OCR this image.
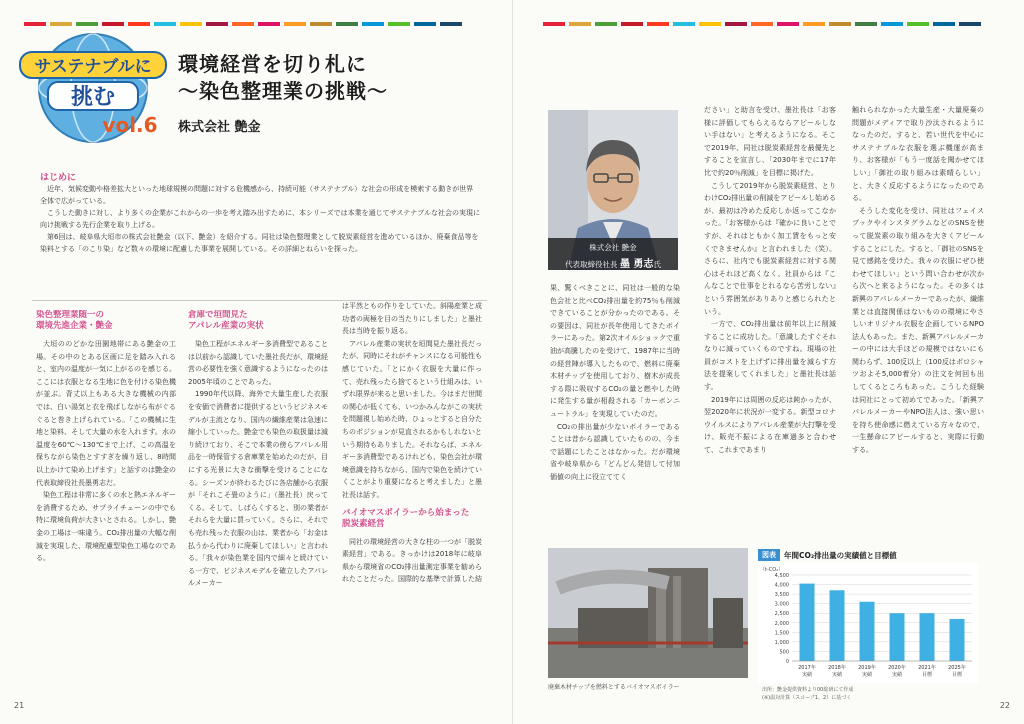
サステナブルに
挑む
vol.6
環境経営を切り札に
～染色整理業の挑戦～
株式会社 艶金
はじめに

近年、気候変動や格差拡大といった地球規模の問題に対する危機感から、持続可能（サステナブル）な社会の形成を模索する動きが世界全体で広がっている。

こうした動きに対し、より多くの企業がこれからの一歩を考え踏み出すために、本シリーズでは本業を通じてサステナブルな社会の実現に向け挑戦する先行企業を取り上げる。

第6回は、岐阜県大垣市の株式会社艶金（以下、艶金）を紹介する。同社は染色整理業として脱炭素経営を進めているほか、廃棄食品等を染料とする「のこり染」など数々の環境に配慮した事業を展開している。その詳細とねらいを探った。

染色整理業随一の
環境先進企業・艶金

大垣ののどかな田園地帯にある艶金の工場。その中のとある区画に足を踏み入れると、室内の温度が一気に上がるのを感じる。ここには衣服となる生地に色を付ける染色機が並ぶ。背丈以上もある大きな機械の内部では、白い湯気と衣を飛ばしながら布がぐるぐると巻き上げられている。「この機械に生地と染料、そして大量の水を入れます。水の温度を60℃～130℃まで上げ、この高温を保ちながら染色とすすぎを繰り返し、8時間以上かけて染め上げます」と話すのは艶金の代表取締役社長墨勇志だ。

染色工程は非常に多くの水と熱エネルギーを消費するため、サプライチェーンの中でも特に環境負荷が大きいとされる。しかし、艶金の工場は一味違う。CO₂排出量の大幅な削減を実現した、環境配慮型染色工場なのである。

倉庫で垣間見た
アパレル産業の実状

染色工程がエネルギー多消費型であることは以前から認識していた墨社長だが、環境経営の必要性を強く意識するようになったのは2005年頃のことであった。

1990年代以降、海外で大量生産した衣服を安価で消費者に提供するというビジネスモデルが主流となり、国内の繊維産業は急速に縮小していった。艶金でも染色の取扱量は減り続けており、そこで本業の傍らアパレル用品を一時保管する倉庫業を始めたのだが、目にする光景に大きな衝撃を受けることになる。シーズンが終わるたびに各店舗から衣服が「それこそ畳のように」（墨社長）戻ってくる。そして、しばらくすると、別の業者がそれらを大量に買っていく。さらに、それでも売れ残った衣服の山は、業者から「お金は払うから代わりに廃棄してほしい」と言われる。「我々が染色業を国内で細々と続けている一方で、ビジネスモデルを確立したアパレルメーカー

は平然ともの作りをしていた。斜陽産業と成功者の両極を目の当たりにしました」と墨社長は当時を振り返る。

アパレル産業の実状を垣間見た墨社長だったが、同時にそれがチャンスになる可能性も感じていた。「とにかく衣服を大量に作って、売れ残ったら捨てるという仕組みは、いずれ限界が来ると思いました。今はまだ世間の関心が低くても、いつかみんながこの実状を問題視し始めた時、ひょっとすると自分たちのポジションが見直されるかもしれないという期待もありました。それならば、エネルギー多消費型であるけれども、染色会社が環境意識を持ちながら、国内で染色を続けていくことがより重要になると考えました」と墨社長は話す。

バイオマスボイラーから始まった
脱炭素経営

同社の環境経営の大きな柱の一つが「脱炭素経営」である。きっかけは2018年に岐阜県から環境省のCO₂排出量測定事業を勧められたことだった。国際的な基準で計算した結

21	22
株式会社 艶金
代表取締役社長 墨 勇志氏

果、驚くべきことに、同社は一般的な染色会社と比べCO₂排出量を約75％も削減できていることが分かったのである。その要因は、同社が長年使用してきたボイラーにあった。第2次オイルショックで重油が高騰したのを受けて、1987年に当時の経営陣が導入したもので、燃料に廃棄木材チップを使用しており、樹木が成長する際に吸収するCO₂の量と燃やした時に発生する量が相殺される「カーボンニュートラル」を実現していたのだ。

CO₂の排出量が少ないボイラーであることは昔から認識していたものの、今まで話題にしたことはなかった。だが環境省や岐阜県から「どんどん発信して付加価値の向上に役立ててく

ださい」と助言を受け、墨社長は「お客様に評価してもらえるならアピールしない手はない」と考えるようになる。そこで2019年、同社は脱炭素経営を最優先とすることを宣言し、「2030年までに17年比で約20％削減」を目標に掲げた。

こうして2019年から脱炭素経営、とりわけCO₂排出量の削減をアピールし始めるが、最初は冷めた反応しか返ってこなかった。「お客様からは『確かに良いことですが、それはともかく加工賃をもっと安くできませんか』と言われました（笑）。さらに、社内でも脱炭素経営に対する関心はそれほど高くなく、社員からは『こんなことで仕事をとれるなら苦労しない』という雰囲気がありありと感じられたという。

一方で、CO₂排出量は前年以上に削減することに成功した。「意識したすぐそれなりに減っていくものですね。現場の社員がコストを上げずに排出量を減らす方法を提案してくれました」と墨社長は話す。

2019年には周囲の反応は鈍かったが、翌2020年に状況が一変する。新型コロナウイルスによりアパレル産業が大打撃を受け、販売不振による在庫過多と合わせて、これまであまり

触れられなかった大量生産・大量廃棄の問題がメディアで取り沙汰されるようになったのだ。すると、若い世代を中心にサステナブルな衣服を選ぶ機運が高まり、お客様が「もう一度話を聞かせてほしい」「御社の取り組みは素晴らしい」と、大きく反応するようになったのである。

そうした変化を受け、同社はフェイスブックやインスタグラムなどのSNSを使って脱炭素の取り組みを大きくアピールすることにした。すると、「御社のSNSを見て感銘を受けた。我々の衣服にぜひ使わせてほしい」という問い合わせが次から次へと来るようになった。その多くは新興のアパレルメーカーであったが、繊維業とは直接関係はないものの環境にやさしいオリジナル衣服を企画しているNPO法人もあった。また、新興アパレルメーカーの中には大手ほどの規模ではないにも関わらず、100反以上（100反はポロシャツおよそ5,000着分）の注文を何回も出してくるところもあった。こうした経験は同社にとって初めてであった。「新興アパレルメーカーやNPO法人は、強い思いを持ち使命感に燃えている方々なので、一生懸命にアピールすると、実際に行動する。

廃棄木材チップを燃料とするバイオマスボイラー
図表	年間CO₂排出量の実績値と目標値
（t-CO₂）
0
500
1,000
1,500
2,000
2,500
3,000
3,500
4,000
4,500
2017年
実績
2018年
実績
2019年
実績
2020年
実績
2021年
目標
2025年
目標
出所：艶金提供資料より00総研にて作成
(※)温対計算（スコープ1、2）に基づく
